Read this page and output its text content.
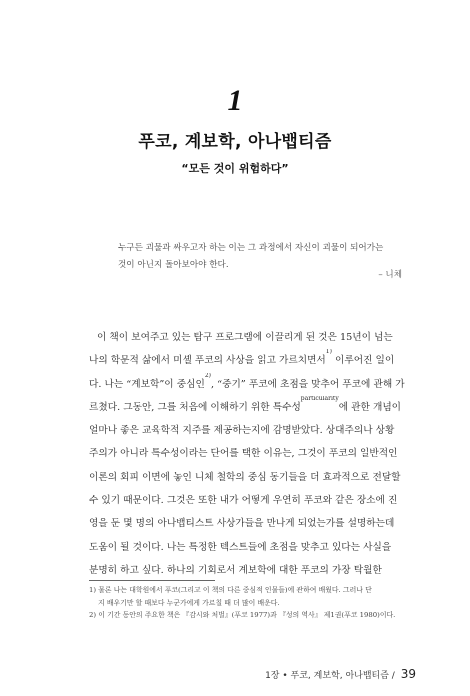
1
푸코, 계보학, 아나뱁티즘
“모든 것이 위험하다”

누구든 괴물과 싸우고자 하는 이는 그 과정에서 자신이 괴물이 되어가는

것이 아닌지 돌아보아야 한다.

– 니체
이 책이 보여주고 있는 탐구 프로그램에 이끌리게 된 것은 15년이 넘는
나의 학문적 삶에서 미셸 푸코의 사상을 읽고 가르치면서$^{1)}$ 이루어진 일이
다. 나는 “계보학”이 중심인$^{2)}$, “중기” 푸코에 초점을 맞추어 푸코에 관해 가
르쳤다. 그동안, 그를 처음에 이해하기 위한 특수성$^{particularity}$에 관한 개념이
얼마나 좋은 교육학적 지주를 제공하는지에 감명받았다. 상대주의나 상황
주의가 아니라 특수성이라는 단어를 택한 이유는, 그것이 푸코의 일반적인
이론의 회피 이면에 놓인 니체 철학의 중심 동기들을 더 효과적으로 전달할
수 있기 때문이다. 그것은 또한 내가 어떻게 우연히 푸코와 같은 장소에 진
영을 둔 몇 명의 아나뱁티스트 사상가들을 만나게 되었는가를 설명하는데
도움이 될 것이다. 나는 특정한 텍스트들에 초점을 맞추고 있다는 사실을
분명히 하고 싶다. 하나의 기회로서 계보학에 대한 푸코의 가장 탁월한
1) 물론 나는 대학원에서 푸코(그리고 이 책의 다른 중심적 인물들)에 관하여 배웠다. 그러나 단
지 배우기만 할 때보다 누군가에게 가르칠 때 더 많이 배운다.
2) 이 기간 동안의 주요한 책은 『감시와 처벌』(푸코 1977)과 『성의 역사』 제1권(푸코 1980)이다.
1장 • 푸코, 계보학, 아나뱁티즘 / 39
